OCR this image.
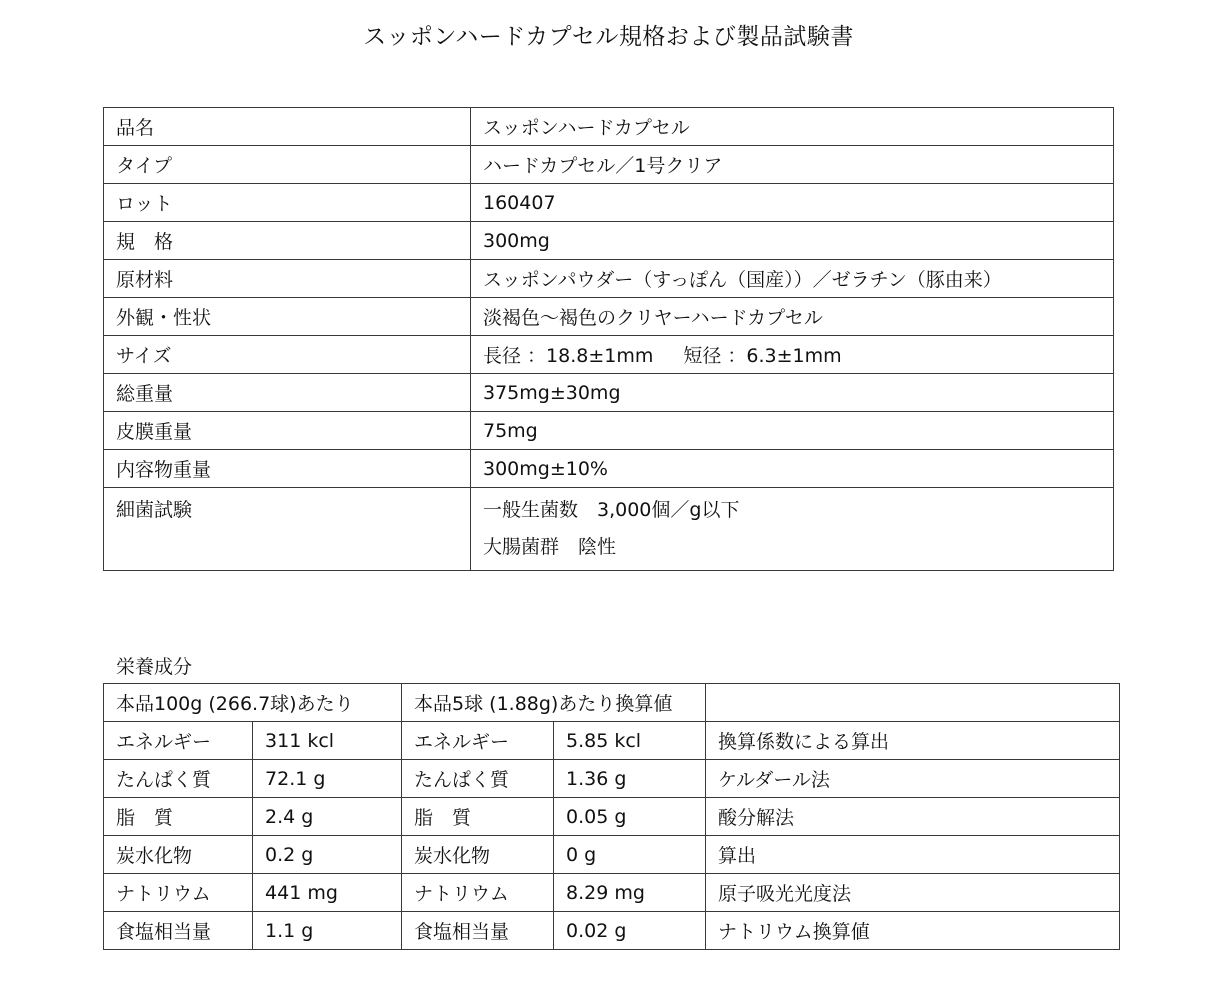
スッポンハードカプセル規格および製品試験書
品名	スッポンハードカプセル
タイプ	ハードカプセル／1号クリア
ロット	160407
規　格	300mg
原材料	スッポンパウダー（すっぽん（国産））／ゼラチン（豚由来）
外観・性状	淡褐色～褐色のクリヤーハードカプセル
サイズ	長径 ：18.8±1mm 短径 ：6.3±1mm
総重量	375mg±30mg
皮膜重量	75mg
内容物重量	300mg±10%

細菌試験	一般生菌数　3,000個／g以下
大腸菌群　陰性
栄養成分
本品100g (266.7球)あたり		本品5球 (1.88g)あたり換算値		
エネルギー	311 kcl	エネルギー	5.85 kcl	換算係数による算出
たんぱく質	72.1 g	たんぱく質	1.36 g	ケルダール法
脂　質	2.4 g	脂　質	0.05 g	酸分解法
炭水化物	0.2 g	炭水化物	0 g	算出
ナトリウム	441 mg	ナトリウム	8.29 mg	原子吸光光度法
食塩相当量	1.1 g	食塩相当量	0.02 g	ナトリウム換算値
